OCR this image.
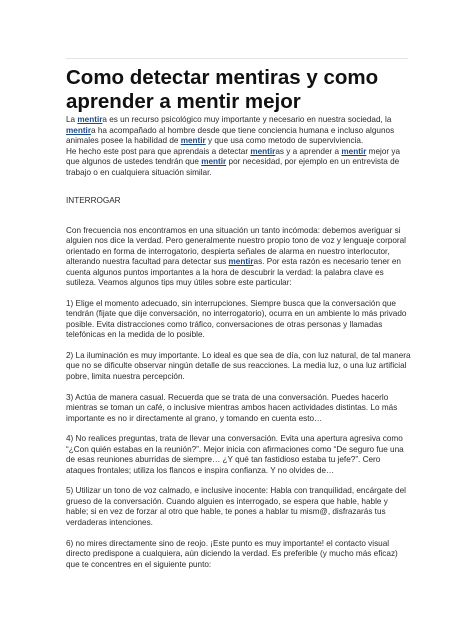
Como detectar mentiras y como aprender a mentir mejor

La mentira es un recurso psicológico muy importante y necesario en nuestra sociedad, la mentira ha acompañado al hombre desde que tiene conciencia humana e incluso algunos animales posee la habilidad de mentir y que usa como metodo de superviviencia.

He hecho este post para que aprendais a detectar mentiras y a aprender a mentir mejor ya que algunos de ustedes tendrán que mentir por necesidad, por ejemplo en un entrevista de trabajo o en cualquiera situación similar.

INTERROGAR

Con frecuencia nos encontramos en una situación un tanto incómoda: debemos averiguar si alguien nos dice la verdad. Pero generalmente nuestro propio tono de voz y lenguaje corporal orientado en forma de interrogatorio, despierta señales de alarma en nuestro interlocutor, alterando nuestra facultad para detectar sus mentiras. Por esta razón es necesario tener en cuenta algunos puntos importantes a la hora de descubrir la verdad: la palabra clave es sutileza. Veamos algunos tips muy útiles sobre este particular:

1) Elige el momento adecuado, sin interrupciones. Siempre busca que la conversación que tendrán (fijate que dije conversación, no interrogatorio), ocurra en un ambiente lo más privado posible. Evita distracciones como tráfico, conversaciones de otras personas y llamadas telefónicas en la medida de lo posible.

2) La iluminación es muy importante. Lo ideal es que sea de día, con luz natural, de tal manera que no se dificulte observar ningún detalle de sus reacciones. La media luz, o una luz artificial pobre, limita nuestra percepción.

3) Actúa de manera casual. Recuerda que se trata de una conversación. Puedes hacerlo mientras se toman un café, o inclusive mientras ambos hacen actividades distintas. Lo más importante es no ir directamente al grano, y tomando en cuenta esto…

4) No realices preguntas, trata de llevar una conversación. Evita una apertura agresiva como “¿Con quién estabas en la reunión?”. Mejor inicia con afirmaciones como “De seguro fue una de esas reuniones aburridas de siempre… ¿Y qué tan fastidioso estaba tu jefe?”. Cero ataques frontales; utiliza los flancos e inspira confianza. Y no olvides de…

5) Utilizar un tono de voz calmado, e inclusive inocente: Habla con tranquilidad, encárgate del grueso de la conversación. Cuando alguien es interrogado, se espera que hable, hable y hable; si en vez de forzar al otro que hable, te pones a hablar tu mism@, disfrazarás tus verdaderas intenciones.

6) no mires directamente sino de reojo. ¡Este punto es muy importante! el contacto visual directo predispone a cualquiera, aún diciendo la verdad. Es preferible (y mucho más eficaz) que te concentres en el siguiente punto:
